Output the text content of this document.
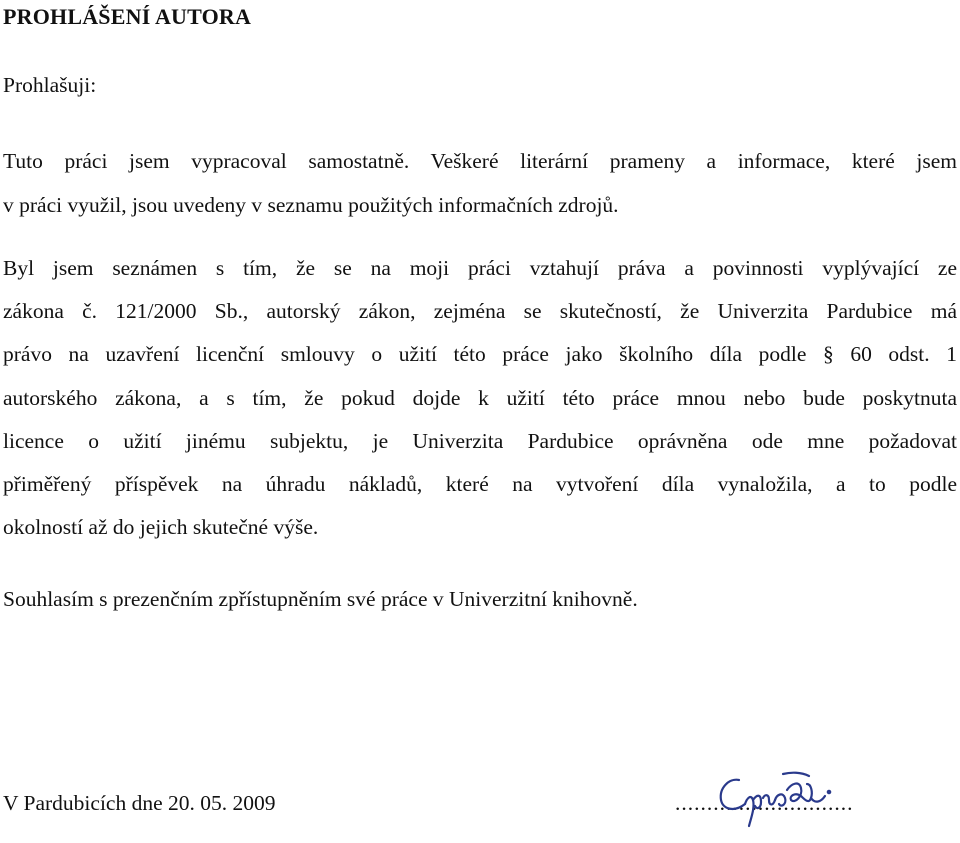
PROHLÁŠENÍ AUTORA
Prohlašuji:
Tuto práci jsem vypracoval samostatně. Veškeré literární prameny a informace, které jsem
v práci využil, jsou uvedeny v seznamu použitých informačních zdrojů.
Byl jsem seznámen s tím, že se na moji práci vztahují práva a povinnosti vyplývající ze
zákona č. 121/2000 Sb., autorský zákon, zejména se skutečností, že Univerzita Pardubice má
právo na uzavření licenční smlouvy o užití této práce jako školního díla podle § 60 odst. 1
autorského zákona, a s tím, že pokud dojde k užití této práce mnou nebo bude poskytnuta
licence o užití jinému subjektu, je Univerzita Pardubice oprávněna ode mne požadovat
přiměřený příspěvek na úhradu nákladů, které na vytvoření díla vynaložila, a to podle
okolností až do jejich skutečné výše.
Souhlasím s prezenčním zpřístupněním své práce v Univerzitní knihovně.
V Pardubicích dne 20. 05. 2009	............................
